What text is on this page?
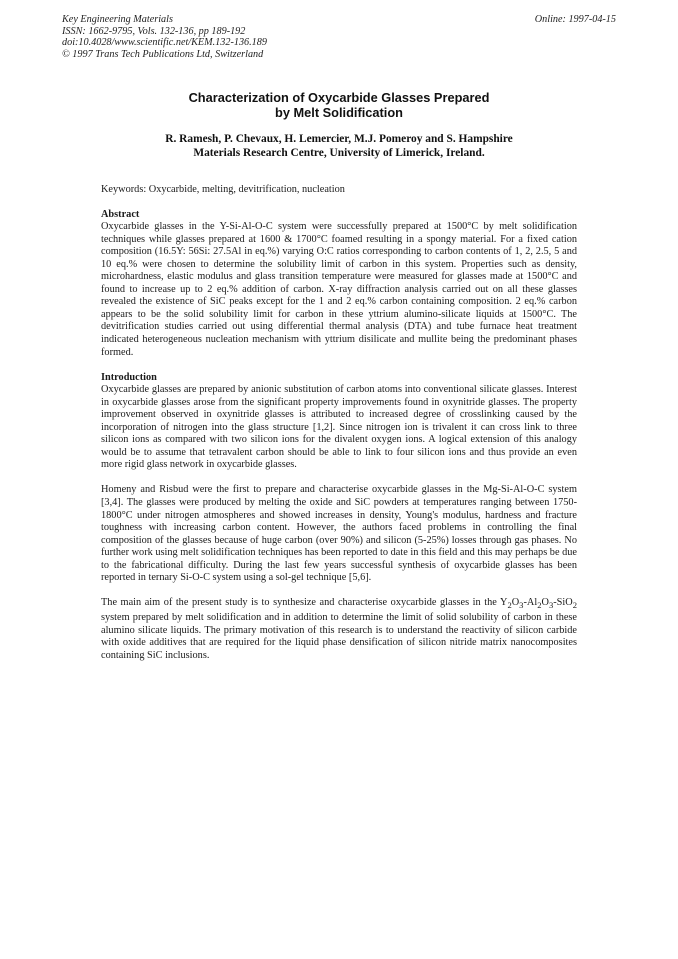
Key Engineering Materials
ISSN: 1662-9795, Vols. 132-136, pp 189-192
doi:10.4028/www.scientific.net/KEM.132-136.189
© 1997 Trans Tech Publications Ltd, Switzerland
Online: 1997-04-15
Characterization of Oxycarbide Glasses Prepared
by Melt Solidification
R. Ramesh, P. Chevaux, H. Lemercier, M.J. Pomeroy and S. Hampshire
Materials Research Centre, University of Limerick, Ireland.

Keywords: Oxycarbide, melting, devitrification, nucleation

Abstract

Oxycarbide glasses in the Y-Si-Al-O-C system were successfully prepared at 1500°C by melt solidification techniques while glasses prepared at 1600 & 1700°C foamed resulting in a spongy material. For a fixed cation composition (16.5Y: 56Si: 27.5Al in eq.%) varying O:C ratios corresponding to carbon contents of 1, 2, 2.5, 5 and 10 eq.% were chosen to determine the solubility limit of carbon in this system. Properties such as density, microhardness, elastic modulus and glass transition temperature were measured for glasses made at 1500°C and found to increase up to 2 eq.% addition of carbon. X-ray diffraction analysis carried out on all these glasses revealed the existence of SiC peaks except for the 1 and 2 eq.% carbon containing composition. 2 eq.% carbon appears to be the solid solubility limit for carbon in these yttrium alumino-silicate liquids at 1500°C. The devitrification studies carried out using differential thermal analysis (DTA) and tube furnace heat treatment indicated heterogeneous nucleation mechanism with yttrium disilicate and mullite being the predominant phases formed.

Introduction

Oxycarbide glasses are prepared by anionic substitution of carbon atoms into conventional silicate glasses. Interest in oxycarbide glasses arose from the significant property improvements found in oxynitride glasses. The property improvement observed in oxynitride glasses is attributed to increased degree of crosslinking caused by the incorporation of nitrogen into the glass structure [1,2]. Since nitrogen ion is trivalent it can cross link to three silicon ions as compared with two silicon ions for the divalent oxygen ions. A logical extension of this analogy would be to assume that tetravalent carbon should be able to link to four silicon ions and thus provide an even more rigid glass network in oxycarbide glasses.

Homeny and Risbud were the first to prepare and characterise oxycarbide glasses in the Mg-Si-Al-O-C system [3,4]. The glasses were produced by melting the oxide and SiC powders at temperatures ranging between 1750-1800°C under nitrogen atmospheres and showed increases in density, Young's modulus, hardness and fracture toughness with increasing carbon content. However, the authors faced problems in controlling the final composition of the glasses because of huge carbon (over 90%) and silicon (5-25%) losses through gas phases. No further work using melt solidification techniques has been reported to date in this field and this may perhaps be due to the fabricational difficulty. During the last few years successful synthesis of oxycarbide glasses has been reported in ternary Si-O-C system using a sol-gel technique [5,6].

The main aim of the present study is to synthesize and characterise oxycarbide glasses in the $Y_2O_3-Al_2O_3-SiO_2$ system prepared by melt solidification and in addition to determine the limit of solid solubility of carbon in these alumino silicate liquids. The primary motivation of this research is to understand the reactivity of silicon carbide with oxide additives that are required for the liquid phase densification of silicon nitride matrix nanocomposites containing SiC inclusions.
